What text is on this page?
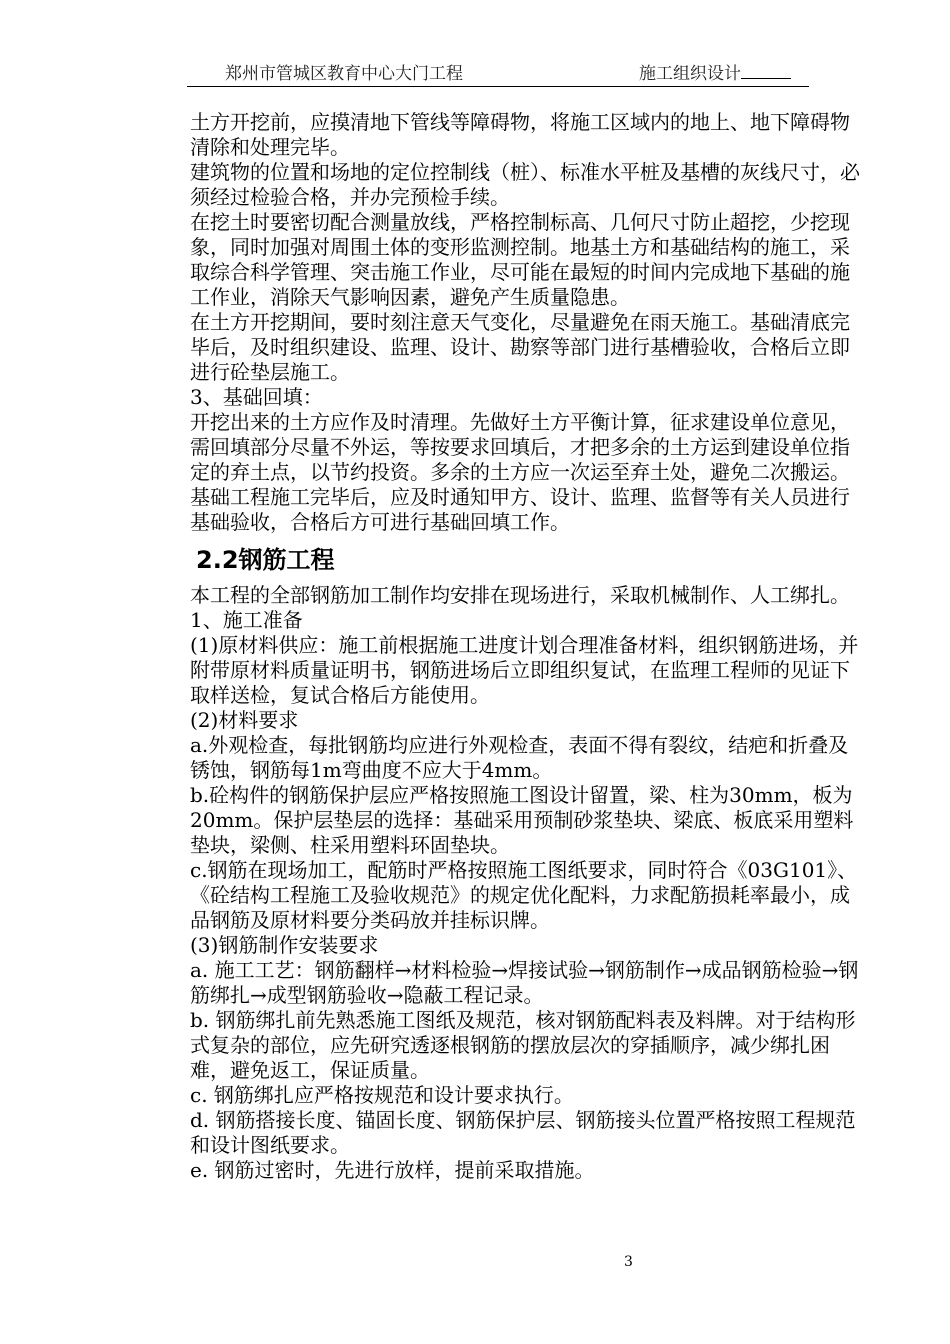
郑州市管城区教育中心大门工程	施工组织设计

土方开挖前，应摸清地下管线等障碍物，将施工区域内的地上、地下障碍物清除和处理完毕。

建筑物的位置和场地的定位控制线（桩）、标准水平桩及基槽的灰线尺寸，必须经过检验合格，并办完预检手续。

在挖土时要密切配合测量放线，严格控制标高、几何尺寸防止超挖，少挖现象，同时加强对周围土体的变形监测控制。地基土方和基础结构的施工，采取综合科学管理、突击施工作业，尽可能在最短的时间内完成地下基础的施工作业，消除天气影响因素，避免产生质量隐患。

在土方开挖期间，要时刻注意天气变化，尽量避免在雨天施工。基础清底完毕后，及时组织建设、监理、设计、勘察等部门进行基槽验收，合格后立即进行砼垫层施工。

3、基础回填：

开挖出来的土方应作及时清理。先做好土方平衡计算，征求建设单位意见，需回填部分尽量不外运，等按要求回填后，才把多余的土方运到建设单位指定的弃土点，以节约投资。多余的土方应一次运至弃土处，避免二次搬运。

基础工程施工完毕后，应及时通知甲方、设计、监理、监督等有关人员进行基础验收，合格后方可进行基础回填工作。

2.2钢筋工程

本工程的全部钢筋加工制作均安排在现场进行，采取机械制作、人工绑扎。

1、施工准备

(1)原材料供应：施工前根据施工进度计划合理准备材料，组织钢筋进场，并附带原材料质量证明书，钢筋进场后立即组织复试，在监理工程师的见证下取样送检，复试合格后方能使用。

(2)材料要求

a.外观检查，每批钢筋均应进行外观检查，表面不得有裂纹，结疤和折叠及锈蚀，钢筋每1m弯曲度不应大于4mm。

b.砼构件的钢筋保护层应严格按照施工图设计留置，梁、柱为30mm，板为20mm。保护层垫层的选择：基础采用预制砂浆垫块、梁底、板底采用塑料垫块，梁侧、柱采用塑料环固垫块。

c.钢筋在现场加工，配筋时严格按照施工图纸要求，同时符合《03G101》、《砼结构工程施工及验收规范》的规定优化配料，力求配筋损耗率最小，成品钢筋及原材料要分类码放并挂标识牌。

(3)钢筋制作安装要求

a. 施工工艺：钢筋翻样→材料检验→焊接试验→钢筋制作→成品钢筋检验→钢筋绑扎→成型钢筋验收→隐蔽工程记录。

b. 钢筋绑扎前先熟悉施工图纸及规范，核对钢筋配料表及料牌。对于结构形式复杂的部位，应先研究透逐根钢筋的摆放层次的穿插顺序，减少绑扎困难，避免返工，保证质量。

c. 钢筋绑扎应严格按规范和设计要求执行。

d. 钢筋搭接长度、锚固长度、钢筋保护层、钢筋接头位置严格按照工程规范和设计图纸要求。

e. 钢筋过密时，先进行放样，提前采取措施。

3
